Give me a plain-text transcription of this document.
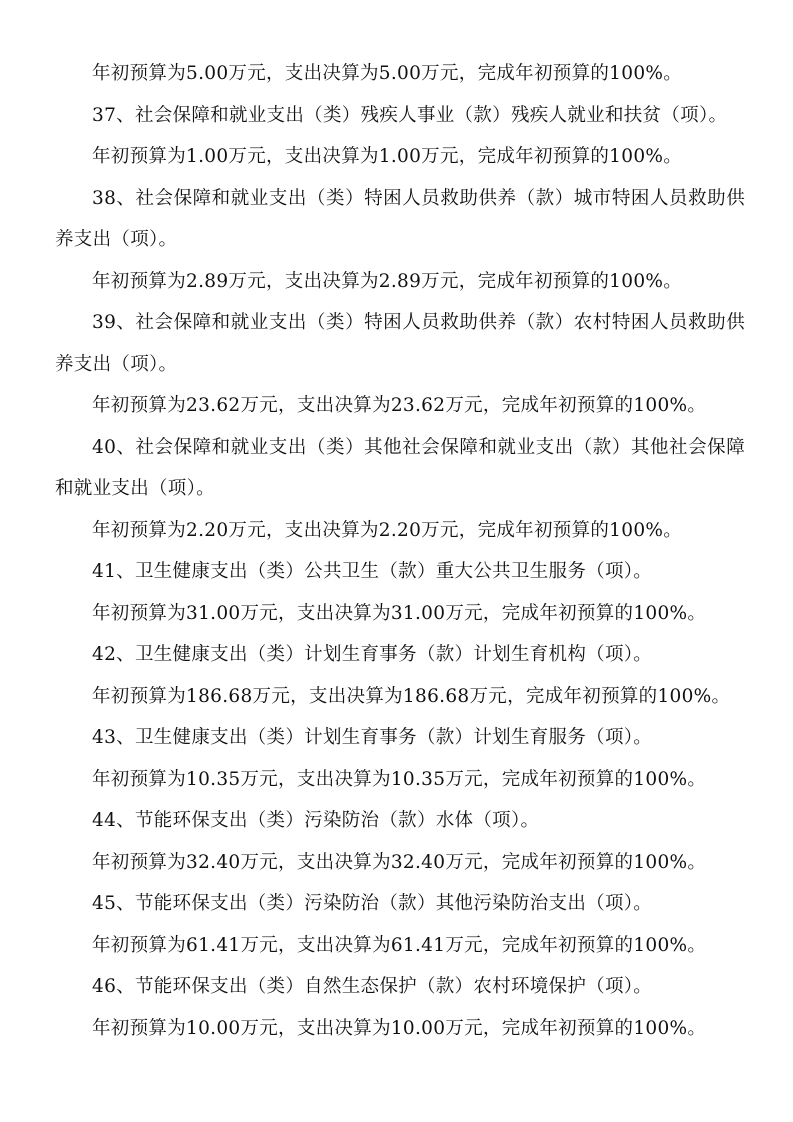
年初预算为5.00万元，支出决算为5.00万元，完成年初预算的100%。

37、社会保障和就业支出（类）残疾人事业（款）残疾人就业和扶贫（项）。

年初预算为1.00万元，支出决算为1.00万元，完成年初预算的100%。

38、社会保障和就业支出（类）特困人员救助供养（款）城市特困人员救助供养支出（项）。

年初预算为2.89万元，支出决算为2.89万元，完成年初预算的100%。

39、社会保障和就业支出（类）特困人员救助供养（款）农村特困人员救助供养支出（项）。

年初预算为23.62万元，支出决算为23.62万元，完成年初预算的100%。

40、社会保障和就业支出（类）其他社会保障和就业支出（款）其他社会保障和就业支出（项）。

年初预算为2.20万元，支出决算为2.20万元，完成年初预算的100%。

41、卫生健康支出（类）公共卫生（款）重大公共卫生服务（项）。

年初预算为31.00万元，支出决算为31.00万元，完成年初预算的100%。

42、卫生健康支出（类）计划生育事务（款）计划生育机构（项）。

年初预算为186.68万元，支出决算为186.68万元，完成年初预算的100%。

43、卫生健康支出（类）计划生育事务（款）计划生育服务（项）。

年初预算为10.35万元，支出决算为10.35万元，完成年初预算的100%。

44、节能环保支出（类）污染防治（款）水体（项）。

年初预算为32.40万元，支出决算为32.40万元，完成年初预算的100%。

45、节能环保支出（类）污染防治（款）其他污染防治支出（项）。

年初预算为61.41万元，支出决算为61.41万元，完成年初预算的100%。

46、节能环保支出（类）自然生态保护（款）农村环境保护（项）。

年初预算为10.00万元，支出决算为10.00万元，完成年初预算的100%。
